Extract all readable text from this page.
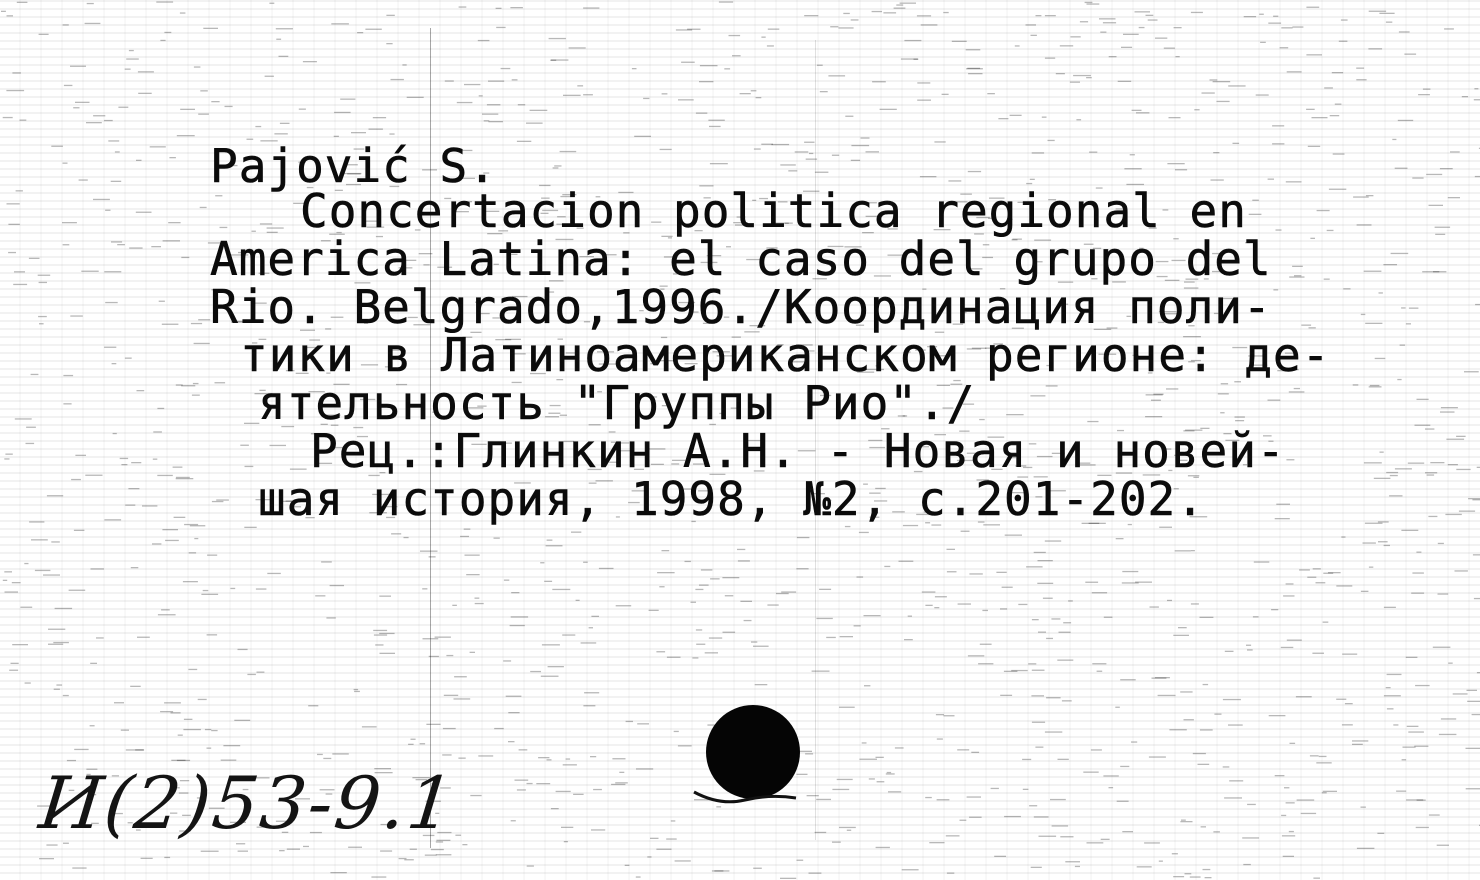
Pajović S.
Concertacion politica regional en
America Latina: el caso del grupo del
Rio. Belgrado,1996./Координация поли-
тики в Латиноамериканском регионе: де-
ятельность "Группы Рио"./
Рец.:Глинкин А.Н. - Новая и новей-
шая история, 1998, №2, с.201-202.
И(2)53-9.1
